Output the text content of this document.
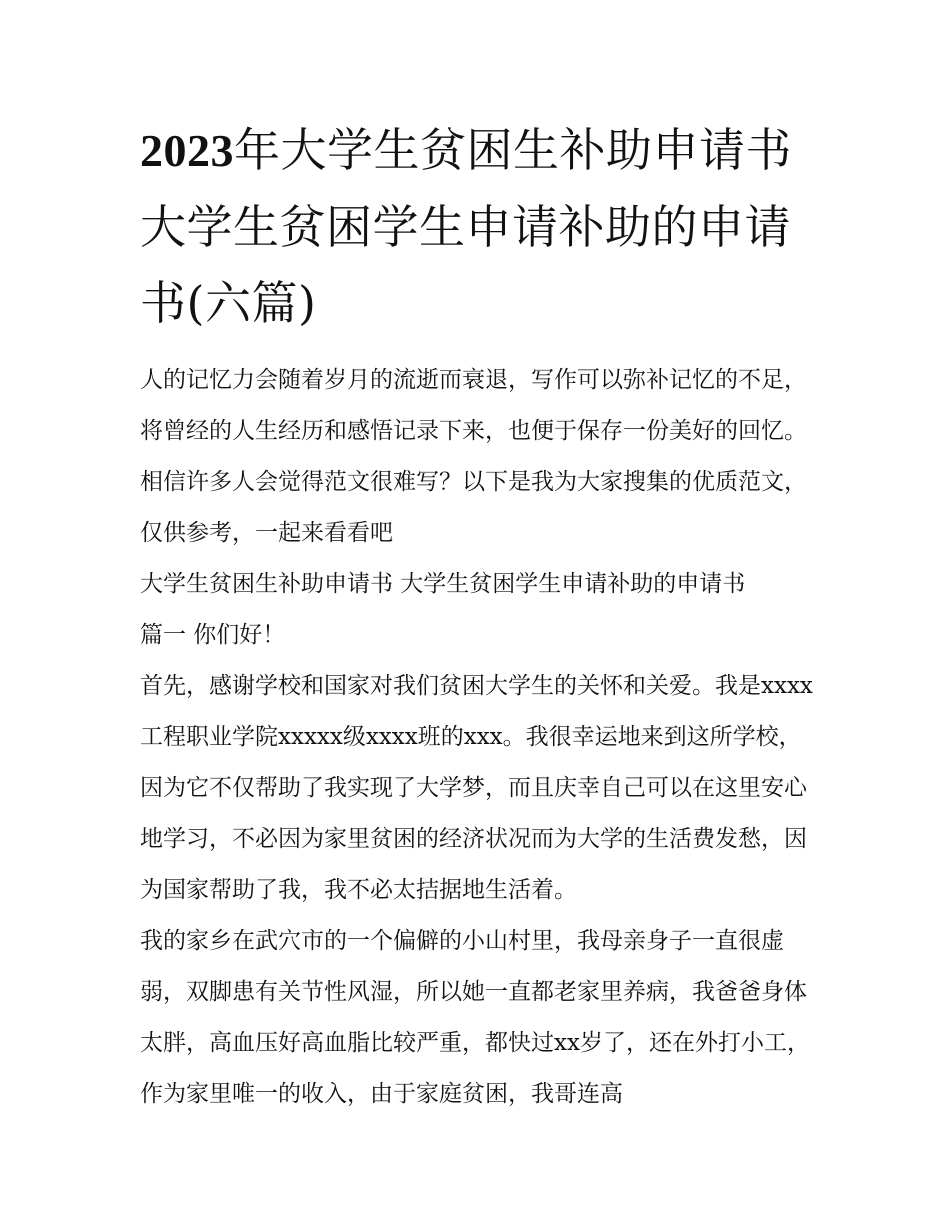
2023年大学生贫困生补助申请书 大学生贫困学生申请补助的申请书(六篇)

人的记忆力会随着岁月的流逝而衰退，写作可以弥补记忆的不足，将曾经的人生经历和感悟记录下来，也便于保存一份美好的回忆。相信许多人会觉得范文很难写？以下是我为大家搜集的优质范文，仅供参考，一起来看看吧

大学生贫困生补助申请书 大学生贫困学生申请补助的申请书

篇一 你们好！

首先，感谢学校和国家对我们贫困大学生的关怀和关爱。我是xxxx工程职业学院xxxxx级xxxx班的xxx。我很幸运地来到这所学校，因为它不仅帮助了我实现了大学梦，而且庆幸自己可以在这里安心地学习，不必因为家里贫困的经济状况而为大学的生活费发愁，因为国家帮助了我，我不必太拮据地生活着。

我的家乡在武穴市的一个偏僻的小山村里，我母亲身子一直很虚弱，双脚患有关节性风湿，所以她一直都老家里养病，我爸爸身体太胖，高血压好高血脂比较严重，都快过xx岁了，还在外打小工，作为家里唯一的收入，由于家庭贫困，我哥连高
